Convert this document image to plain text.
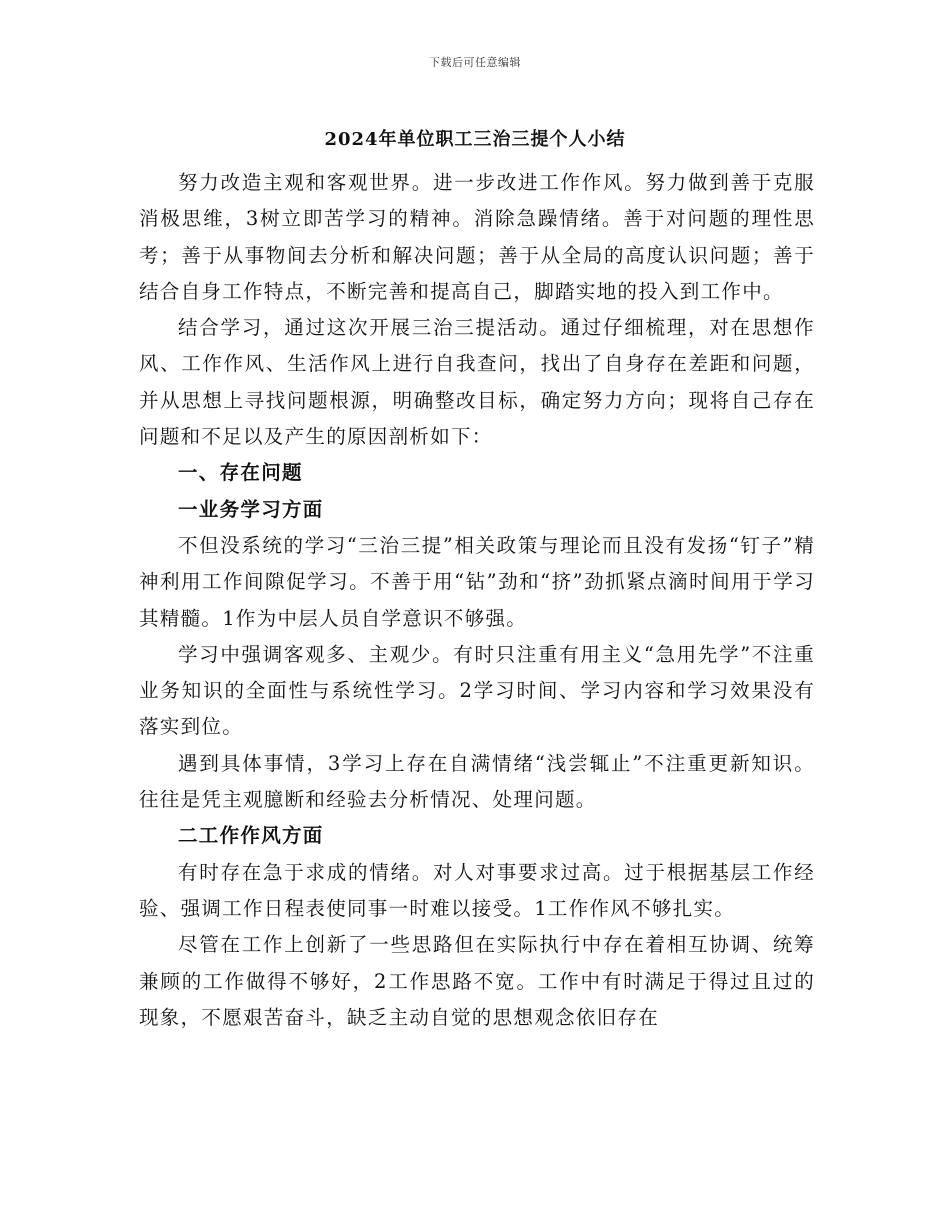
下载后可任意编辑
2024年单位职工三治三提个人小结

努力改造主观和客观世界。进一步改进工作作风。努力做到善于克服消极思维，3树立即苦学习的精神。消除急躁情绪。善于对问题的理性思考；善于从事物间去分析和解决问题；善于从全局的高度认识问题；善于结合自身工作特点，不断完善和提高自己，脚踏实地的投入到工作中。

结合学习，通过这次开展三治三提活动。通过仔细梳理，对在思想作风、工作作风、生活作风上进行自我查问，找出了自身存在差距和问题，并从思想上寻找问题根源，明确整改目标，确定努力方向；现将自己存在问题和不足以及产生的原因剖析如下：

一、存在问题

一业务学习方面

不但没系统的学习“三治三提”相关政策与理论而且没有发扬“钉子”精神利用工作间隙促学习。不善于用“钻”劲和“挤”劲抓紧点滴时间用于学习其精髓。1作为中层人员自学意识不够强。

学习中强调客观多、主观少。有时只注重有用主义“急用先学”不注重业务知识的全面性与系统性学习。2学习时间、学习内容和学习效果没有落实到位。

遇到具体事情，3学习上存在自满情绪“浅尝辄止”不注重更新知识。往往是凭主观臆断和经验去分析情况、处理问题。

二工作作风方面

有时存在急于求成的情绪。对人对事要求过高。过于根据基层工作经验、强调工作日程表使同事一时难以接受。1工作作风不够扎实。

尽管在工作上创新了一些思路但在实际执行中存在着相互协调、统筹兼顾的工作做得不够好，2工作思路不宽。工作中有时满足于得过且过的现象，不愿艰苦奋斗，缺乏主动自觉的思想观念依旧存在
